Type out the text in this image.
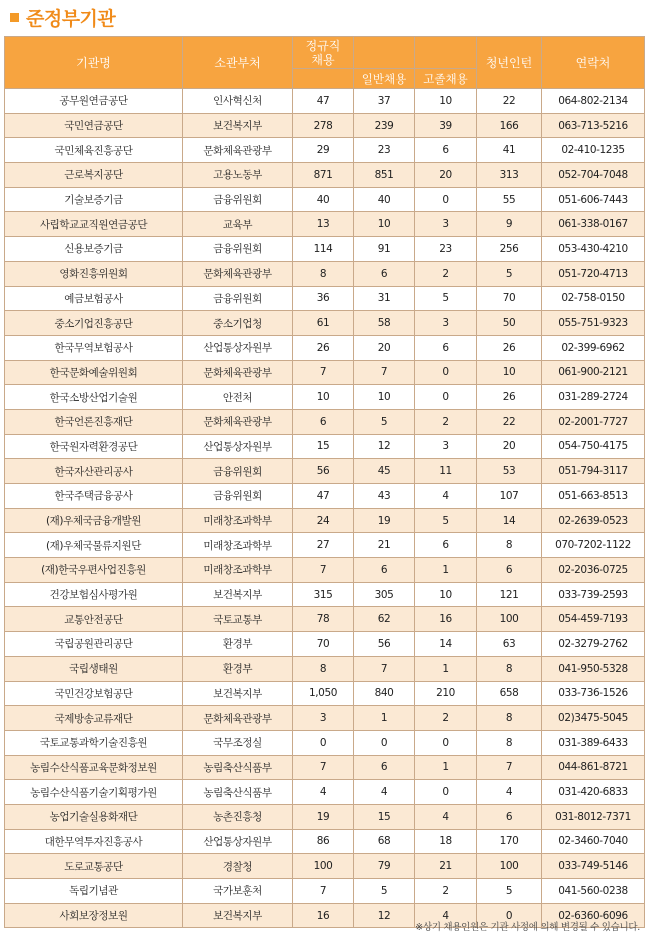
준정부기관
기관명	소관부처	정규직 채용			청년인턴	연락처
			일반채용	고졸채용		
공무원연금공단	인사혁신처	47	37	10	22	064-802-2134
국민연금공단	보건복지부	278	239	39	166	063-713-5216
국민체육진흥공단	문화체육관광부	29	23	6	41	02-410-1235
근로복지공단	고용노동부	871	851	20	313	052-704-7048
기술보증기금	금융위원회	40	40	0	55	051-606-7443
사립학교교직원연금공단	교육부	13	10	3	9	061-338-0167
신용보증기금	금융위원회	114	91	23	256	053-430-4210
영화진흥위원회	문화체육관광부	8	6	2	5	051-720-4713
예금보험공사	금융위원회	36	31	5	70	02-758-0150
중소기업진흥공단	중소기업청	61	58	3	50	055-751-9323
한국무역보험공사	산업통상자원부	26	20	6	26	02-399-6962
한국문화예술위원회	문화체육관광부	7	7	0	10	061-900-2121
한국소방산업기술원	안전처	10	10	0	26	031-289-2724
한국언론진흥재단	문화체육관광부	6	5	2	22	02-2001-7727
한국원자력환경공단	산업통상자원부	15	12	3	20	054-750-4175
한국자산관리공사	금융위원회	56	45	11	53	051-794-3117
한국주택금융공사	금융위원회	47	43	4	107	051-663-8513
(재)우체국금융개발원	미래창조과학부	24	19	5	14	02-2639-0523
(재)우체국물류지원단	미래창조과학부	27	21	6	8	070-7202-1122
(재)한국우편사업진흥원	미래창조과학부	7	6	1	6	02-2036-0725
건강보험심사평가원	보건복지부	315	305	10	121	033-739-2593
교통안전공단	국토교통부	78	62	16	100	054-459-7193
국립공원관리공단	환경부	70	56	14	63	02-3279-2762
국립생태원	환경부	8	7	1	8	041-950-5328
국민건강보험공단	보건복지부	1,050	840	210	658	033-736-1526
국제방송교류재단	문화체육관광부	3	1	2	8	02)3475-5045
국토교통과학기술진흥원	국무조정실	0	0	0	8	031-389-6433
농림수산식품교육문화정보원	농림축산식품부	7	6	1	7	044-861-8721
농림수산식품기술기획평가원	농림축산식품부	4	4	0	4	031-420-6833
농업기술실용화재단	농촌진흥청	19	15	4	6	031-8012-7371
대한무역투자진흥공사	산업통상자원부	86	68	18	170	02-3460-7040
도로교통공단	경찰청	100	79	21	100	033-749-5146
독립기념관	국가보훈처	7	5	2	5	041-560-0238
사회보장정보원	보건복지부	16	12	4	0	02-6360-6096
※상기 채용인원은 기관 사정에 의해 변경될 수 있습니다.
